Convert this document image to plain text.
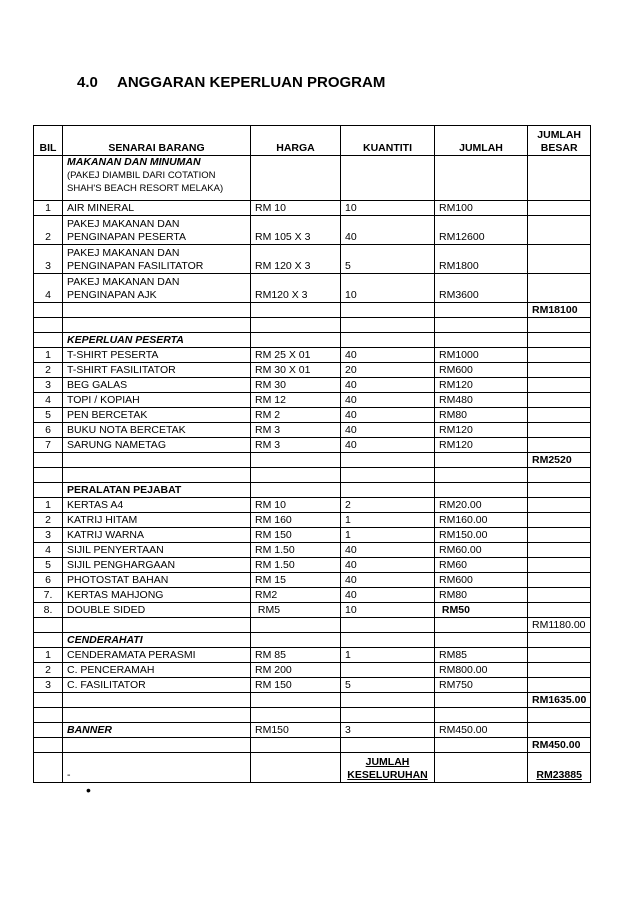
4.0 ANGGARAN KEPERLUAN PROGRAM
BIL	SENARAI BARANG	HARGA	KUANTITI	JUMLAH	JUMLAH
BESAR

	MAKANAN DAN MINUMAN
(PAKEJ DIAMBIL DARI COTATION
SHAH'S BEACH RESORT MELAKA)				

1	AIR MINERAL	RM 10	10	RM100	
2	PAKEJ MAKANAN DAN
PENGINAPAN PESERTA	RM 105 X 3	40	RM12600	
3	PAKEJ MAKANAN DAN
PENGINAPAN FASILITATOR	RM 120 X 3	5	RM1800	
4	PAKEJ MAKANAN DAN
PENGINAPAN AJK	RM120 X 3	10	RM3600	
					RM18100

	KEPERLUAN PESERTA				
1	T-SHIRT PESERTA	RM 25 X 01	40	RM1000	
2	T-SHIRT FASILITATOR	RM 30 X 01	20	RM600	
3	BEG GALAS	RM 30	40	RM120	
4	TOPI / KOPIAH	RM 12	40	RM480	
5	PEN BERCETAK	RM 2	40	RM80	
6	BUKU NOTA BERCETAK	RM 3	40	RM120	
7	SARUNG NAMETAG	RM 3	40	RM120	
					RM2520

	PERALATAN PEJABAT				
1	KERTAS A4	RM 10	2	RM20.00	
2	KATRIJ HITAM	RM 160	1	RM160.00	
3	KATRIJ WARNA	RM 150	1	RM150.00	
4	SIJIL PENYERTAAN	RM 1.50	40	RM60.00	
5	SIJIL PENGHARGAAN	RM 1.50	40	RM60	
6	PHOTOSTAT BAHAN	RM 15	40	RM600	
7.	KERTAS MAHJONG	RM2	40	RM80	
8.	DOUBLE SIDED	RM5	10	RM50	
					RM1180.00
	CENDERAHATI				
1	CENDERAMATA PERASMI	RM 85	1	RM85	
2	C. PENCERAMAH	RM 200		RM800.00	
3	C. FASILITATOR	RM 150	5	RM750	
					RM1635.00

	BANNER	RM150	3	RM450.00	
					RM450.00
	-		JUMLAH
KESELURUHAN		RM23885
•
